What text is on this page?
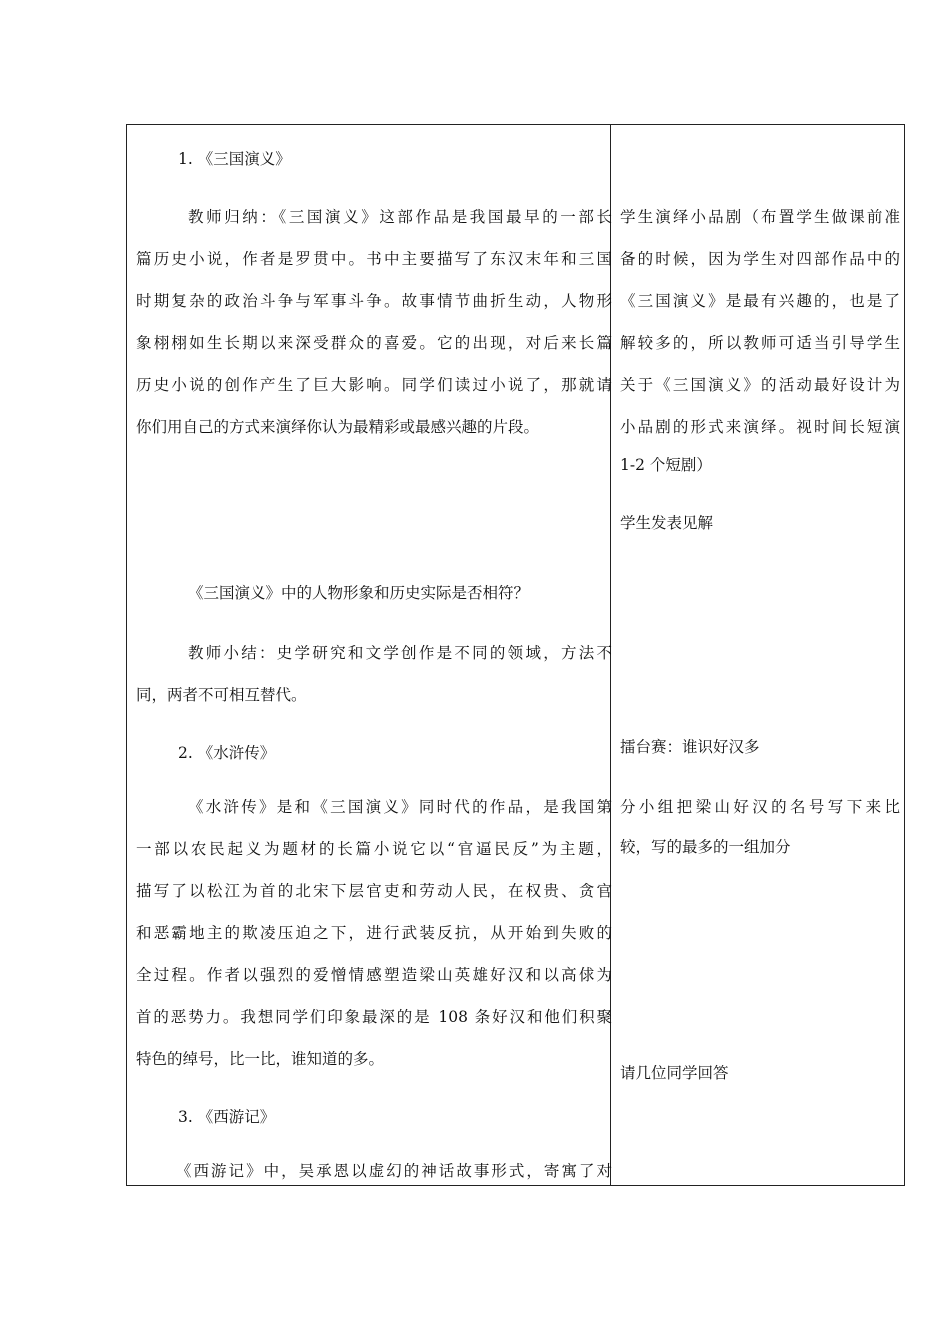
1. 《三国演义》
教师归纳：《三国演义》这部作品是我国最早的一部长
篇历史小说，作者是罗贯中。书中主要描写了东汉末年和三国
时期复杂的政治斗争与军事斗争。故事情节曲折生动，人物形
象栩栩如生长期以来深受群众的喜爱。它的出现，对后来长篇
历史小说的创作产生了巨大影响。同学们读过小说了，那就请
你们用自己的方式来演绎你认为最精彩或最感兴趣的片段。
《三国演义》中的人物形象和历史实际是否相符？
教师小结：史学研究和文学创作是不同的领域，方法不
同，两者不可相互替代。
2. 《水浒传》
《水浒传》是和《三国演义》同时代的作品，是我国第
一部以农民起义为题材的长篇小说它以“官逼民反”为主题，
描写了以松江为首的北宋下层官吏和劳动人民，在权贵、贪官
和恶霸地主的欺凌压迫之下，进行武装反抗，从开始到失败的
全过程。作者以强烈的爱憎情感塑造梁山英雄好汉和以高俅为
首的恶势力。我想同学们印象最深的是 108 条好汉和他们积聚
特色的绰号，比一比，谁知道的多。
3. 《西游记》
《西游记》中，吴承恩以虚幻的神话故事形式，寄寓了对
学生演绎小品剧（布置学生做课前准
备的时候，因为学生对四部作品中的
《三国演义》是最有兴趣的，也是了
解较多的，所以教师可适当引导学生
关于《三国演义》的活动最好设计为
小品剧的形式来演绎。视时间长短演
1-2 个短剧）
学生发表见解
擂台赛：谁识好汉多
分小组把梁山好汉的名号写下来比
较，写的最多的一组加分
请几位同学回答
